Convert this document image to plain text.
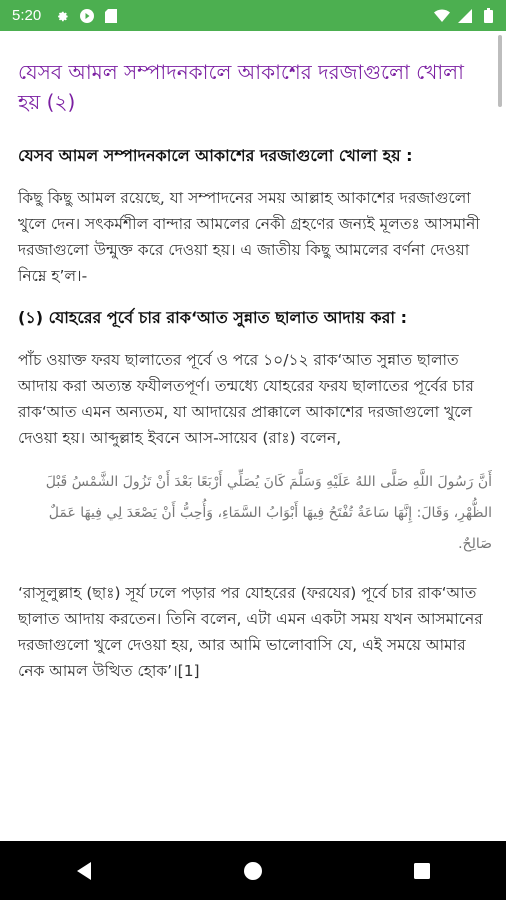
5:20
যেসব আমল সম্পাদনকালে আকাশের দরজাগুলো খোলা হয় (২)

যেসব আমল সম্পাদনকালে আকাশের দরজাগুলো খোলা হয় :

কিছু কিছু আমল রয়েছে, যা সম্পাদনের সময় আল্লাহ আকাশের দরজাগুলো খুলে দেন। সৎকর্মশীল বান্দার আমলের নেকী গ্রহণের জন্যই মূলতঃ আসমানী দরজাগুলো উন্মুক্ত করে দেওয়া হয়। এ জাতীয় কিছু আমলের বর্ণনা দেওয়া নিম্নে হ’ল।-

(১) যোহরের পূর্বে চার রাক‘আত সুন্নাত ছালাত আদায় করা :

পাঁচ ওয়াক্ত ফরয ছালাতের পূর্বে ও পরে ১০/১২ রাক‘আত সুন্নাত ছালাত আদায় করা অত্যন্ত ফযীলতপূর্ণ। তন্মধ্যে যোহরের ফরয ছালাতের পূর্বের চার রাক‘আত এমন অন্যতম, যা আদায়ের প্রাক্কালে আকাশের দরজাগুলো খুলে দেওয়া হয়। আব্দুল্লাহ ইবনে আস-সায়েব (রাঃ) বলেন,

أَنَّ رَسُولَ اللَّهِ صَلَّى اللهُ عَلَيْهِ وَسَلَّمَ كَانَ يُصَلِّي أَرْبَعًا بَعْدَ أَنْ تَزُولَ الشَّمْسُ قَبْلَ الظُّهْرِ، وَقَالَ: إِنَّهَا سَاعَةٌ تُفْتَحُ فِيهَا أَبْوَابُ السَّمَاءِ، وَأُحِبُّ أَنْ يَصْعَدَ لِي فِيهَا عَمَلٌ صَالِحٌ.

‘রাসূলুল্লাহ (ছাঃ) সূর্য ঢলে পড়ার পর যোহরের (ফরযের) পূর্বে চার রাক‘আত ছালাত আদায় করতেন। তিনি বলেন, এটা এমন একটা সময় যখন আসমানের দরজাগুলো খুলে দেওয়া হয়, আর আমি ভালোবাসি যে, এই সময়ে আমার নেক আমল উত্থিত হোক’।[1]
